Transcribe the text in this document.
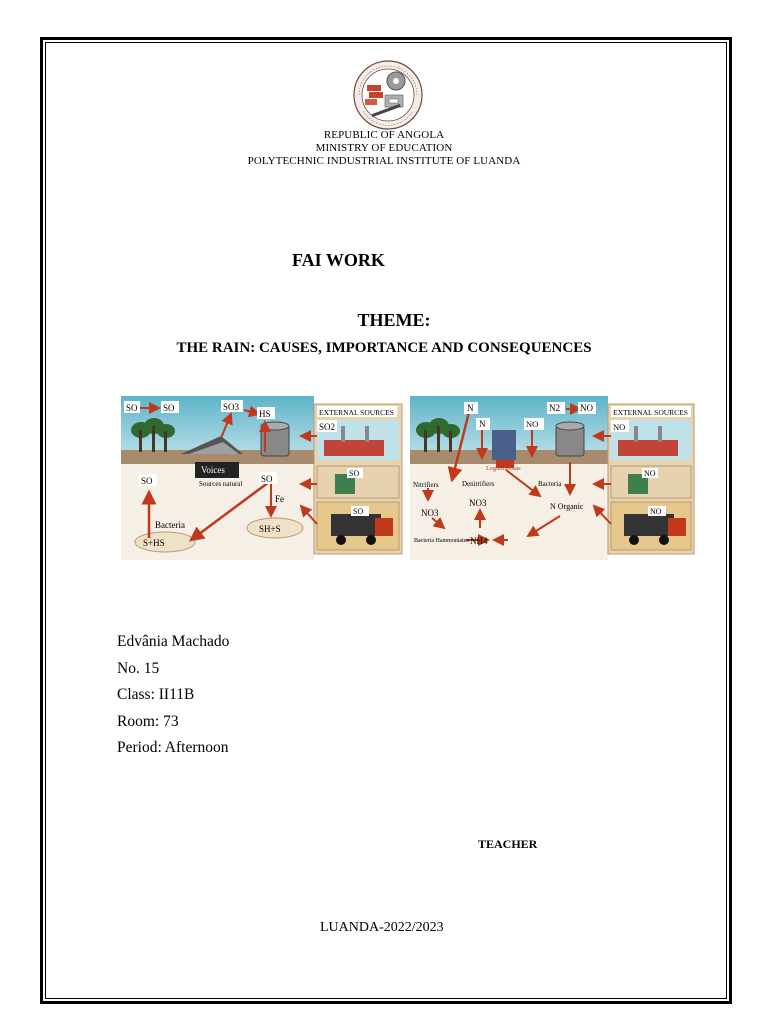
REPUBLIC OF ANGOLA
MINISTRY OF EDUCATION
POLYTECHNIC INDUSTRIAL INSTITUTE OF LUANDA
FAI WORK
THEME:
THE RAIN: CAUSES, IMPORTANCE AND CONSEQUENCES
SO	SO	SO3
HS	EXTERNAL SOURCES
SO2
Voices
Sources natural
SO	SO
Fe
Bacteria
S+HS
SH+S
SO
SO
N
N
N2 NO	EXTERNAL SOURCES
NO
NO
Leguminosas
Nitrifiers	Denitrifiers	Bacteria
NO3
NO3	N Organic
Bacteria Hammoniates NH4
NO
NO
Edvânia Machado
No. 15
Class: II11B
Room: 73
Period: Afternoon
TEACHER
LUANDA-2022/2023
